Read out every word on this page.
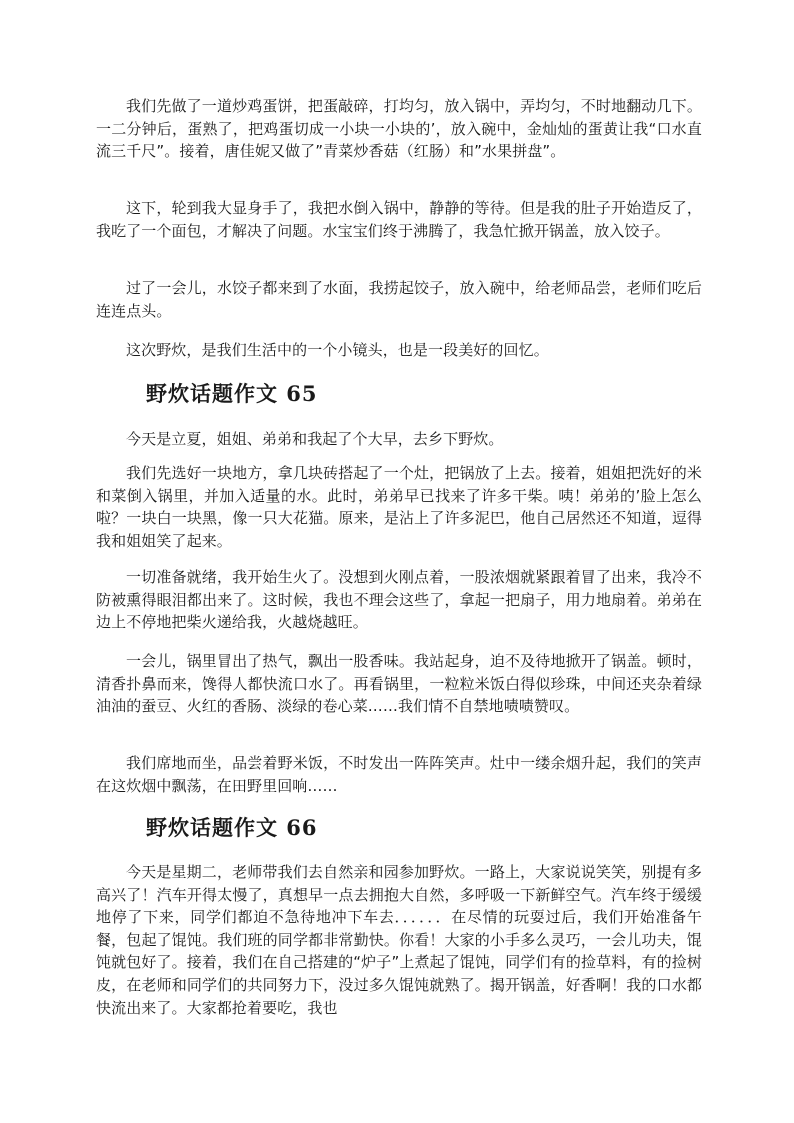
我们先做了一道炒鸡蛋饼，把蛋敲碎，打均匀，放入锅中，弄均匀，不时地翻动几下。一二分钟后，蛋熟了，把鸡蛋切成一小块一小块的’，放入碗中，金灿灿的蛋黄让我“口水直流三千尺”。接着，唐佳妮又做了”青菜炒香菇（红肠）和”水果拼盘”。

这下，轮到我大显身手了，我把水倒入锅中，静静的等待。但是我的肚子开始造反了，我吃了一个面包，才解决了问题。水宝宝们终于沸腾了，我急忙掀开锅盖，放入饺子。

过了一会儿，水饺子都来到了水面，我捞起饺子，放入碗中，给老师品尝，老师们吃后连连点头。

这次野炊，是我们生活中的一个小镜头，也是一段美好的回忆。

野炊话题作文 65

今天是立夏，姐姐、弟弟和我起了个大早，去乡下野炊。

我们先选好一块地方，拿几块砖搭起了一个灶，把锅放了上去。接着，姐姐把洗好的米和菜倒入锅里，并加入适量的水。此时，弟弟早已找来了许多干柴。咦！弟弟的’脸上怎么啦？一块白一块黑，像一只大花猫。原来，是沾上了许多泥巴，他自己居然还不知道，逗得我和姐姐笑了起来。

一切准备就绪，我开始生火了。没想到火刚点着，一股浓烟就紧跟着冒了出来，我冷不防被熏得眼泪都出来了。这时候，我也不理会这些了，拿起一把扇子，用力地扇着。弟弟在边上不停地把柴火递给我，火越烧越旺。

一会儿，锅里冒出了热气，飘出一股香味。我站起身，迫不及待地掀开了锅盖。顿时，清香扑鼻而来，馋得人都快流口水了。再看锅里，一粒粒米饭白得似珍珠，中间还夹杂着绿油油的蚕豆、火红的香肠、淡绿的卷心菜……我们情不自禁地啧啧赞叹。

我们席地而坐，品尝着野米饭，不时发出一阵阵笑声。灶中一缕余烟升起，我们的笑声在这炊烟中飘荡，在田野里回响……

野炊话题作文 66

今天是星期二，老师带我们去自然亲和园参加野炊。一路上，大家说说笑笑，别提有多高兴了！汽车开得太慢了，真想早一点去拥抱大自然，多呼吸一下新鲜空气。汽车终于缓缓地停了下来，同学们都迫不急待地冲下车去．．．．．．在尽情的玩耍过后，我们开始准备午餐，包起了馄饨。我们班的同学都非常勤快。你看！大家的小手多么灵巧，一会儿功夫，馄饨就包好了。接着，我们在自己搭建的“炉子”上煮起了馄饨，同学们有的捡草料，有的捡树皮，在老师和同学们的共同努力下，没过多久馄饨就熟了。揭开锅盖，好香啊！我的口水都快流出来了。大家都抢着要吃，我也
